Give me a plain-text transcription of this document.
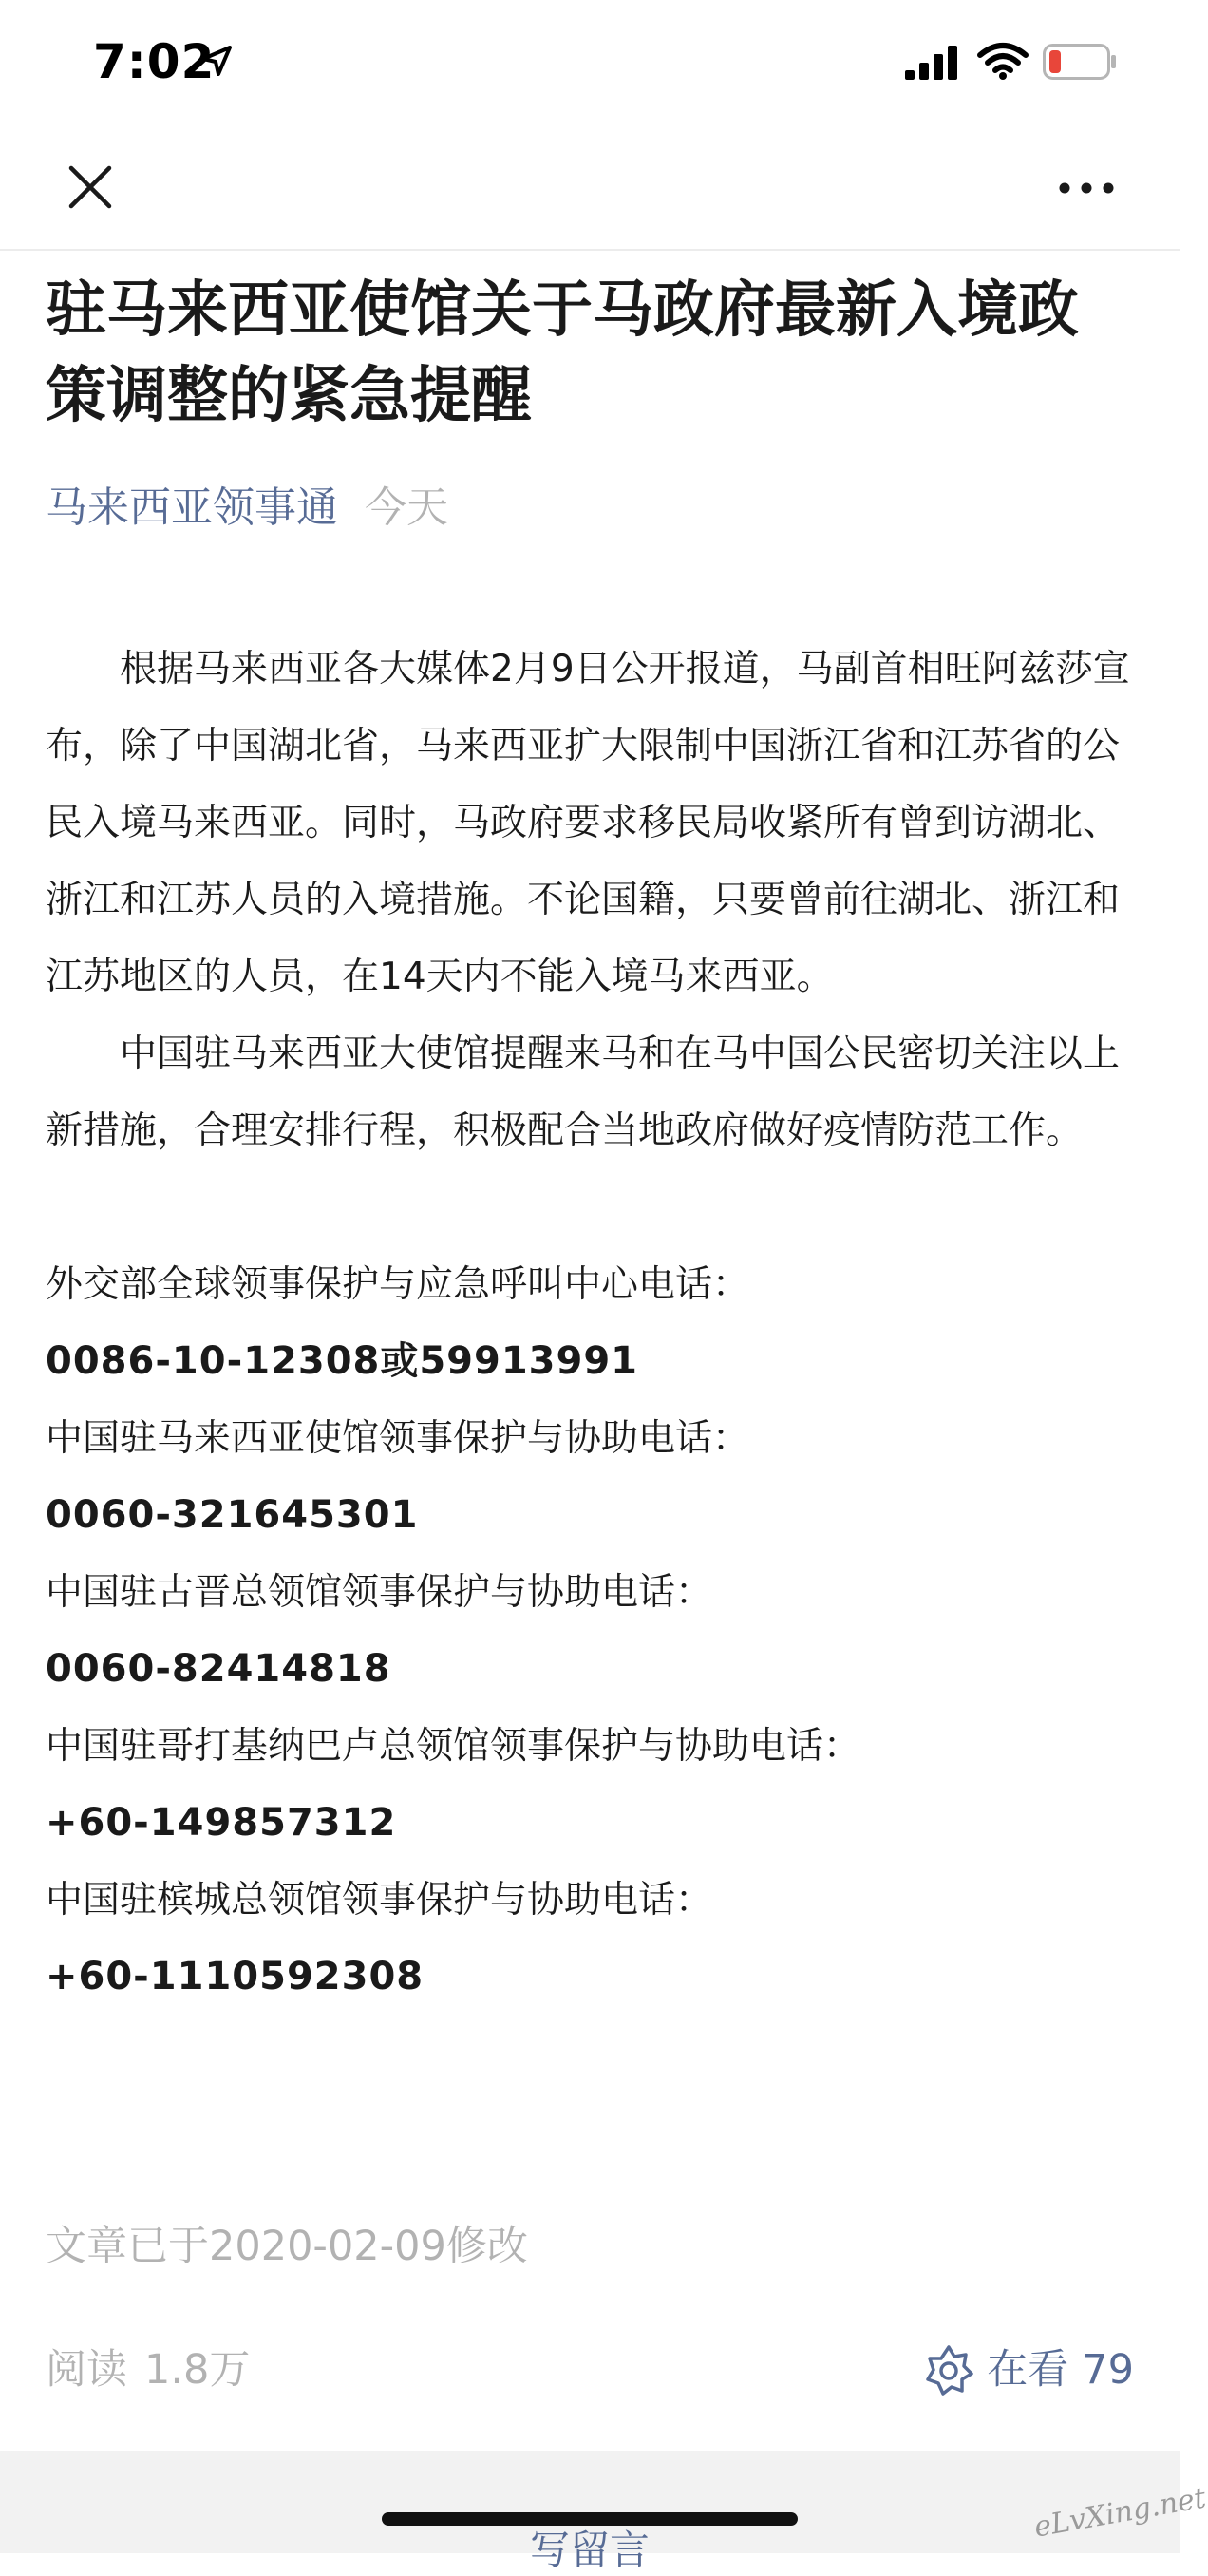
7:02
驻马来西亚使馆关于马政府最新入境政策调整的紧急提醒
马来西亚领事通 今天

根据马来西亚各大媒体2月9日公开报道，马副首相旺阿兹莎宣布，除了中国湖北省，马来西亚扩大限制中国浙江省和江苏省的公民入境马来西亚。同时，马政府要求移民局收紧所有曾到访湖北、浙江和江苏人员的入境措施。不论国籍，只要曾前往湖北、浙江和江苏地区的人员，在14天内不能入境马来西亚。

中国驻马来西亚大使馆提醒来马和在马中国公民密切关注以上新措施，合理安排行程，积极配合当地政府做好疫情防范工作。

外交部全球领事保护与应急呼叫中心电话：

0086-10-12308或59913991

中国驻马来西亚使馆领事保护与协助电话：

0060-321645301

中国驻古晋总领馆领事保护与协助电话：

0060-82414818

中国驻哥打基纳巴卢总领馆领事保护与协助电话：

+60-149857312

中国驻槟城总领馆领事保护与协助电话：

+60-1110592308

文章已于2020-02-09修改
阅读 1.8万	在看 79
写留言
eLvXing.net
